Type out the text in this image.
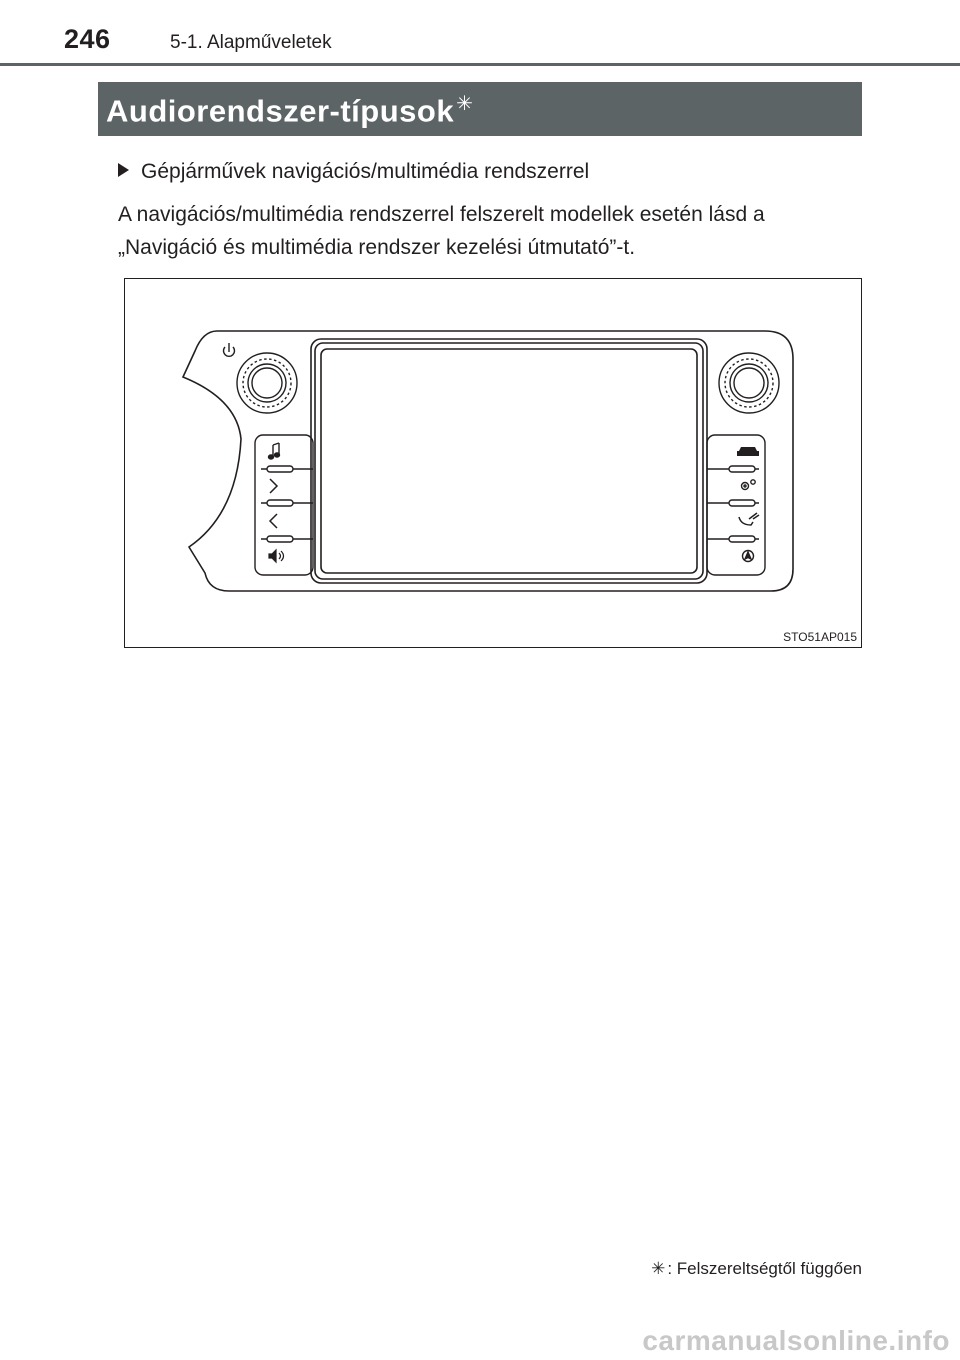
246	5-1. Alapműveletek
Audiorendszer-típusok ✳
Gépjárművek navigációs/multimédia rendszerrel
A navigációs/multimédia rendszerrel felszerelt modellek esetén lásd a „Navigáció és multimédia rendszer kezelési útmutató”-t.
STO51AP015
✳ : Felszereltségtől függően
carmanualsonline.info
